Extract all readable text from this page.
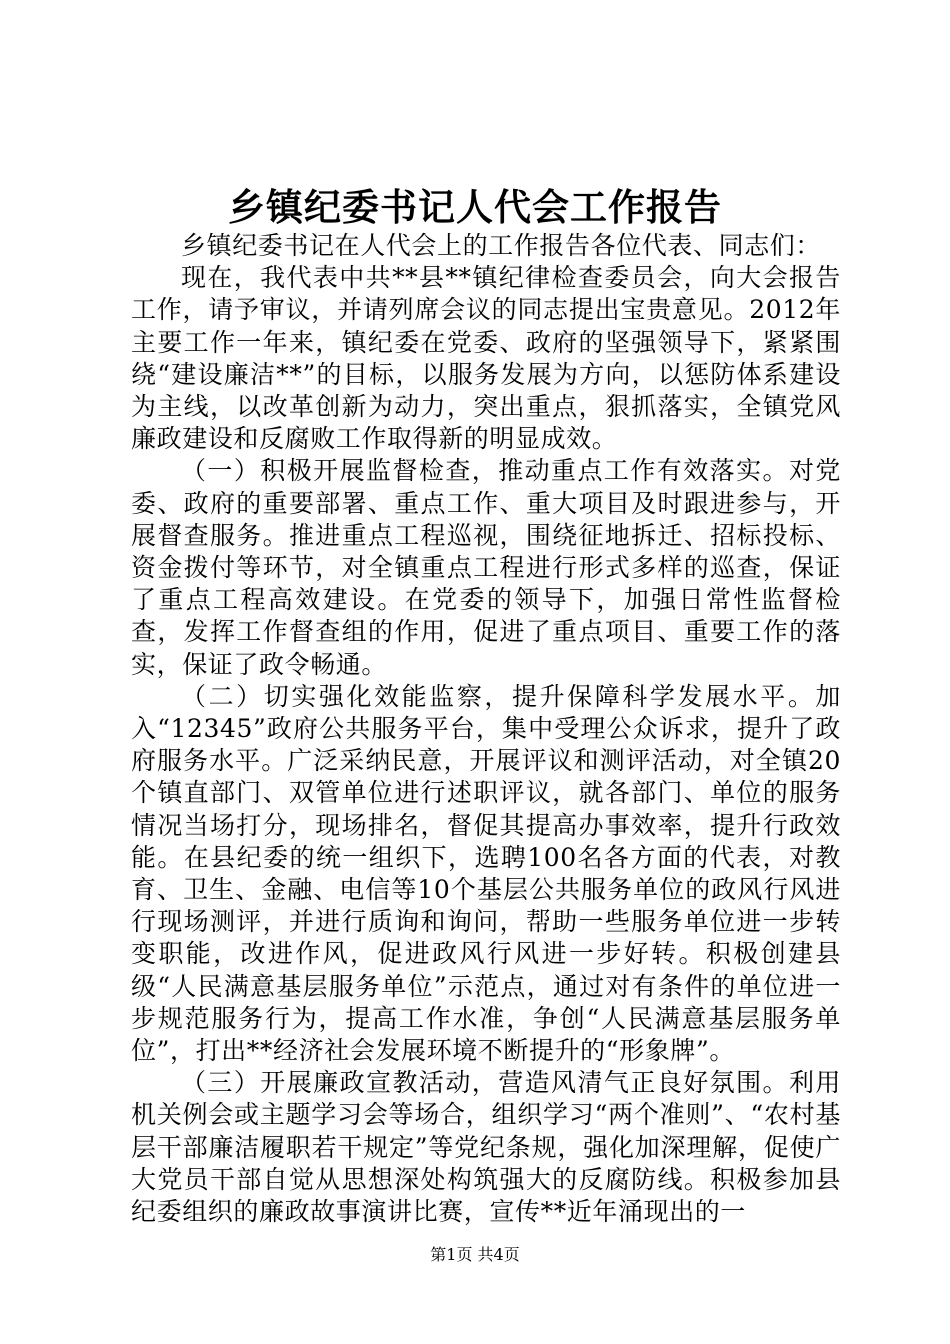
乡镇纪委书记人代会工作报告

乡镇纪委书记在人代会上的工作报告各位代表、同志们：

现在，我代表中共**县**镇纪律检查委员会，向大会报告工作，请予审议，并请列席会议的同志提出宝贵意见。2012年主要工作一年来，镇纪委在党委、政府的坚强领导下，紧紧围绕“建设廉洁**”的目标，以服务发展为方向，以惩防体系建设为主线，以改革创新为动力，突出重点，狠抓落实，全镇党风廉政建设和反腐败工作取得新的明显成效。

（一）积极开展监督检查，推动重点工作有效落实。对党委、政府的重要部署、重点工作、重大项目及时跟进参与，开展督查服务。推进重点工程巡视，围绕征地拆迁、招标投标、资金拨付等环节，对全镇重点工程进行形式多样的巡查，保证了重点工程高效建设。在党委的领导下，加强日常性监督检查，发挥工作督查组的作用，促进了重点项目、重要工作的落实，保证了政令畅通。

（二）切实强化效能监察，提升保障科学发展水平。加入“12345”政府公共服务平台，集中受理公众诉求，提升了政府服务水平。广泛采纳民意，开展评议和测评活动，对全镇20个镇直部门、双管单位进行述职评议，就各部门、单位的服务情况当场打分，现场排名，督促其提高办事效率，提升行政效能。在县纪委的统一组织下，选聘100名各方面的代表，对教育、卫生、金融、电信等10个基层公共服务单位的政风行风进行现场测评，并进行质询和询问，帮助一些服务单位进一步转变职能，改进作风，促进政风行风进一步好转。积极创建县级“人民满意基层服务单位”示范点，通过对有条件的单位进一步规范服务行为，提高工作水准，争创“人民满意基层服务单位”，打出**经济社会发展环境不断提升的“形象牌”。

（三）开展廉政宣教活动，营造风清气正良好氛围。利用机关例会或主题学习会等场合，组织学习“两个准则”、“农村基层干部廉洁履职若干规定”等党纪条规，强化加深理解，促使广大党员干部自觉从思想深处构筑强大的反腐防线。积极参加县纪委组织的廉政故事演讲比赛，宣传**近年涌现出的一

第1页 共4页
